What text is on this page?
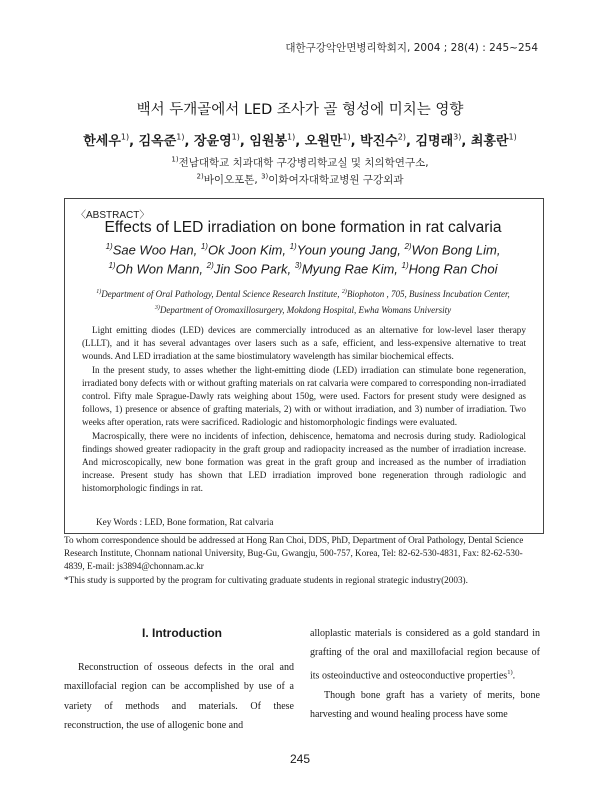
대한구강악안면병리학회지, 2004 ; 28(4) : 245~254
백서 두개골에서 LED 조사가 골 형성에 미치는 영향
한세우$^{1)}$, 김옥준$^{1)}$, 장윤영$^{1)}$, 임원봉$^{1)}$, 오원만$^{1)}$, 박진수$^{2)}$, 김명래$^{3)}$, 최홍란$^{1)}$
$^{1)}$전남대학교 치과대학 구강병리학교실 및 치의학연구소,
$^{2)}$바이오포톤, $^{3)}$이화여자대학교병원 구강외과
〈ABSTRACT〉
Effects of LED irradiation on bone formation in rat calvaria
$^{1)}$Sae Woo Han, $^{1)}$Ok Joon Kim, $^{1)}$Youn young Jang, $^{2)}$Won Bong Lim,
$^{1)}$Oh Won Mann, $^{2)}$Jin Soo Park, $^{3)}$Myung Rae Kim, $^{1)}$Hong Ran Choi
$^{1)}$Department of Oral Pathology, Dental Science Research Institute, $^{2)}$Biophoton , 705, Business Incubation Center,
$^{3)}$Department of Oromaxillosurgery, Mokdong Hospital, Ewha Womans University

Light emitting diodes (LED) devices are commercially introduced as an alternative for low-level laser therapy (LLLT), and it has several advantages over lasers such as a safe, efficient, and less-expensive alternative to treat wounds. And LED irradiation at the same biostimulatory wavelength has similar biochemical effects.

In the present study, to asses whether the light-emitting diode (LED) irradiation can stimulate bone regeneration, irradiated bony defects with or without grafting materials on rat calvaria were compared to corresponding non-irradiated control. Fifty male Sprague-Dawly rats weighing about 150g, were used. Factors for present study were designed as follows, 1) presence or absence of grafting materials, 2) with or without irradiation, and 3) number of irradiation. Two weeks after operation, rats were sacrificed. Radiologic and histomorphologic findings were evaluated.

Macrospically, there were no incidents of infection, dehiscence, hematoma and necrosis during study. Radiological findings showed greater radiopacity in the graft group and radiopacity increased as the number of irradiation increase. And microscopically, new bone formation was great in the graft group and increased as the number of irradiation increase. Present study has shown that LED irradiation improved bone regeneration through radiologic and histomorphologic findings in rat.

Key Words : LED, Bone formation, Rat calvaria
To whom correspondence should be addressed at Hong Ran Choi, DDS, PhD, Department of Oral Pathology, Dental Science Research Institute, Chonnam national University, Bug-Gu, Gwangju, 500-757, Korea, Tel: 82-62-530-4831, Fax: 82-62-530-4839, E-mail: js3894@chonnam.ac.kr
*This study is supported by the program for cultivating graduate students in regional strategic industry(2003).
I. Introduction

Reconstruction of osseous defects in the oral and maxillofacial region can be accomplished by use of a variety of methods and materials. Of these reconstruction, the use of allogenic bone and

alloplastic materials is considered as a gold standard in grafting of the oral and maxillofacial region because of its osteoinductive and osteoconductive properties$^{1)}$.

Though bone graft has a variety of merits, bone harvesting and wound healing process have some

245
